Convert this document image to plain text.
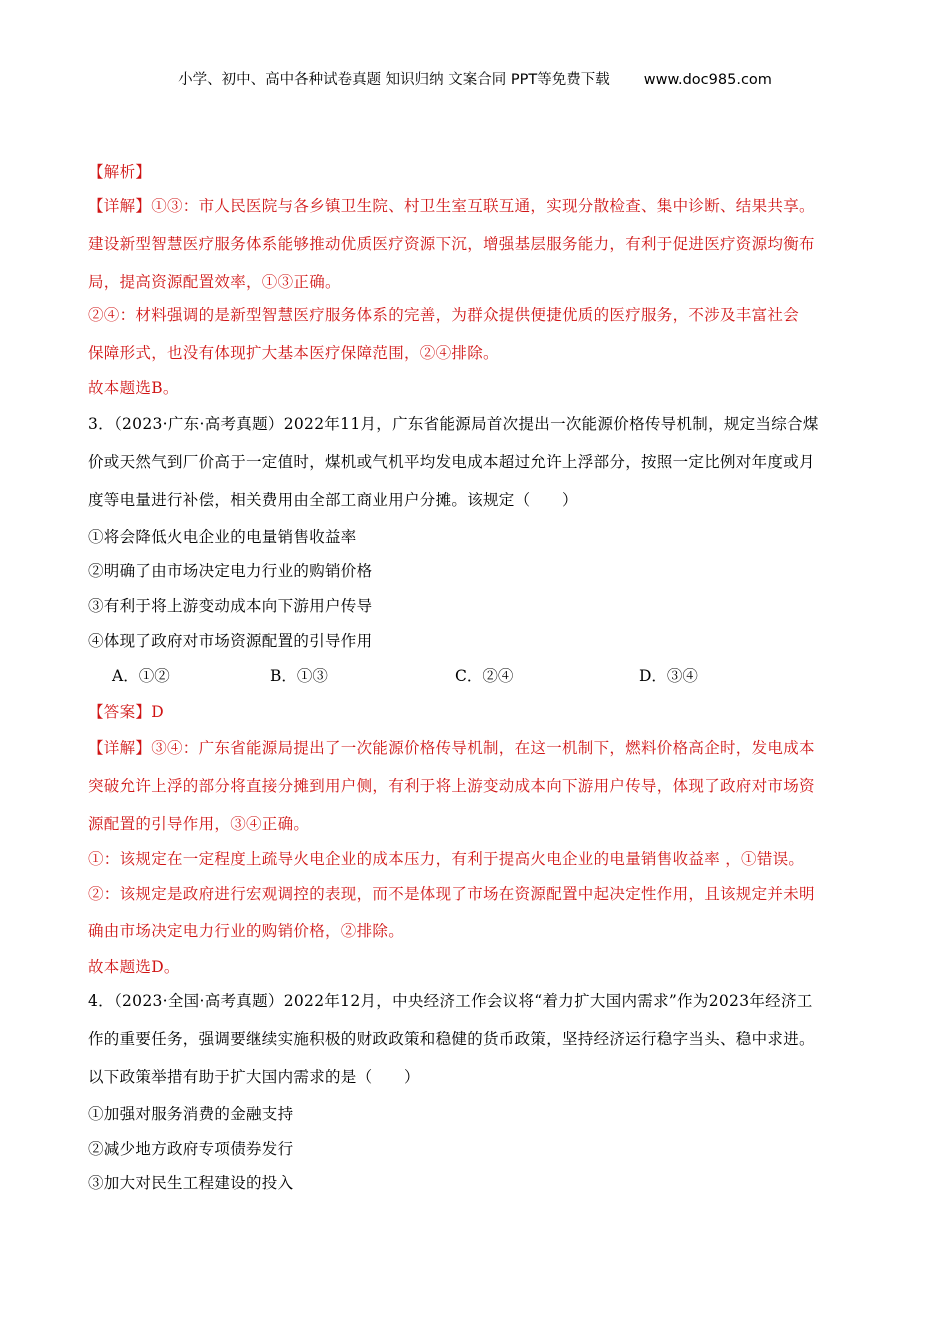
小学、初中、高中各种试卷真题 知识归纳 文案合同 PPT等免费下载 www.doc985.com
【解析】
【详解】①③：市人民医院与各乡镇卫生院、村卫生室互联互通，实现分散检查、集中诊断、结果共享。
建设新型智慧医疗服务体系能够推动优质医疗资源下沉，增强基层服务能力，有利于促进医疗资源均衡布
局，提高资源配置效率，①③正确。
②④：材料强调的是新型智慧医疗服务体系的完善，为群众提供便捷优质的医疗服务，不涉及丰富社会
保障形式，也没有体现扩大基本医疗保障范围，②④排除。
故本题选B。
3．（2023·广东·高考真题）2022年11月，广东省能源局首次提出一次能源价格传导机制，规定当综合煤
价或天然气到厂价高于一定值时，煤机或气机平均发电成本超过允许上浮部分，按照一定比例对年度或月
度等电量进行补偿，相关费用由全部工商业用户分摊。该规定（　　）
①将会降低火电企业的电量销售收益率
②明确了由市场决定电力行业的购销价格
③有利于将上游变动成本向下游用户传导
④体现了政府对市场资源配置的引导作用
A．①②	B．①③	C．②④	D．③④
【答案】D
【详解】③④：广东省能源局提出了一次能源价格传导机制，在这一机制下，燃料价格高企时，发电成本
突破允许上浮的部分将直接分摊到用户侧，有利于将上游变动成本向下游用户传导，体现了政府对市场资
源配置的引导作用，③④正确。
①：该规定在一定程度上疏导火电企业的成本压力，有利于提高火电企业的电量销售收益率 ，①错误。
②：该规定是政府进行宏观调控的表现，而不是体现了市场在资源配置中起决定性作用，且该规定并未明
确由市场决定电力行业的购销价格，②排除。
故本题选D。
4．（2023·全国·高考真题）2022年12月，中央经济工作会议将“着力扩大国内需求”作为2023年经济工
作的重要任务，强调要继续实施积极的财政政策和稳健的货币政策，坚持经济运行稳字当头、稳中求进。
以下政策举措有助于扩大国内需求的是（　　）
①加强对服务消费的金融支持
②减少地方政府专项债券发行
③加大对民生工程建设的投入
